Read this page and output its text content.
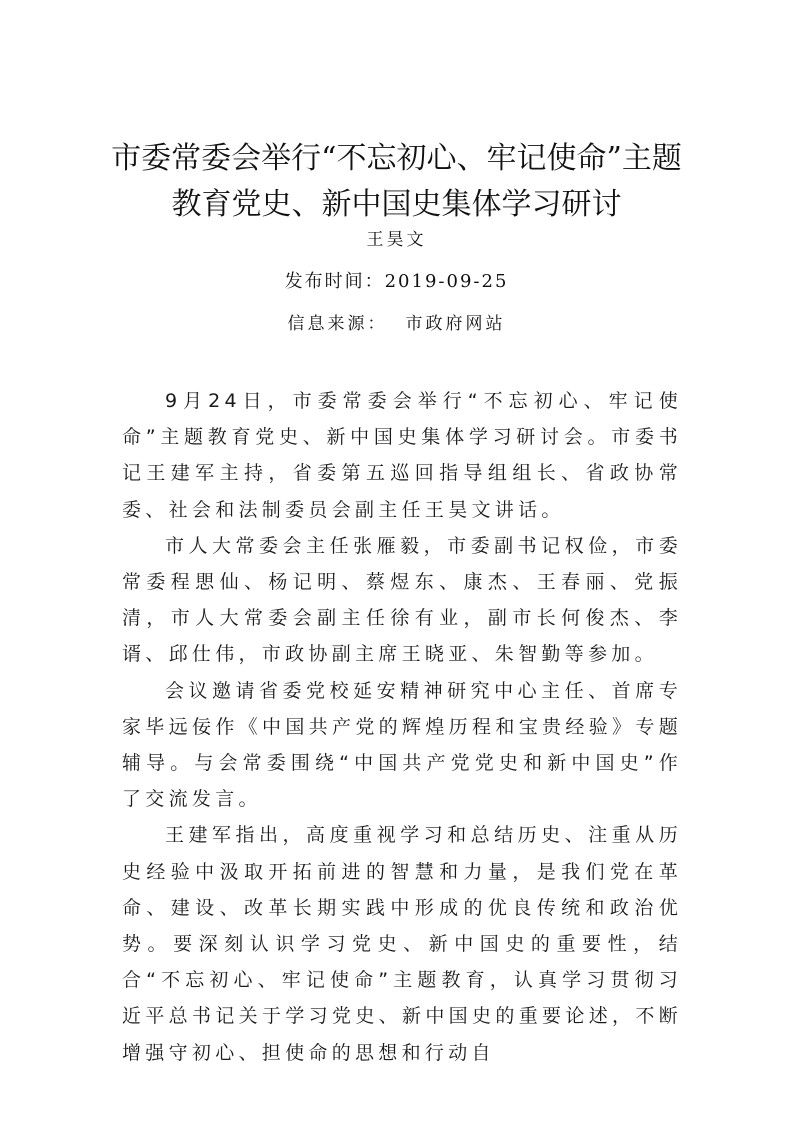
市委常委会举行“不忘初心、牢记使命”主题教育党史、新中国史集体学习研讨

王昊文

发布时间：2019-09-25

信息来源： 市政府网站

9月24日，市委常委会举行“不忘初心、牢记使命”主题教育党史、新中国史集体学习研讨会。市委书记王建军主持，省委第五巡回指导组组长、省政协常委、社会和法制委员会副主任王昊文讲话。

市人大常委会主任张雁毅，市委副书记权俭，市委常委程愳仙、杨记明、蔡煜东、康杰、王春丽、党振清，市人大常委会副主任徐有业，副市长何俊杰、李谞、邱仕伟，市政协副主席王晓亚、朱智勤等参加。

会议邀请省委党校延安精神研究中心主任、首席专家毕远佞作《中国共产党的辉煌历程和宝贵经验》专题辅导。与会常委围绕“中国共产党党史和新中国史”作了交流发言。

王建军指出，高度重视学习和总结历史、注重从历史经验中汲取开拓前进的智慧和力量，是我们党在革命、建设、改革长期实践中形成的优良传统和政治优势。要深刻认识学习党史、新中国史的重要性，结合“不忘初心、牢记使命”主题教育，认真学习贯彻习近平总书记关于学习党史、新中国史的重要论述，不断增强守初心、担使命的思想和行动自
